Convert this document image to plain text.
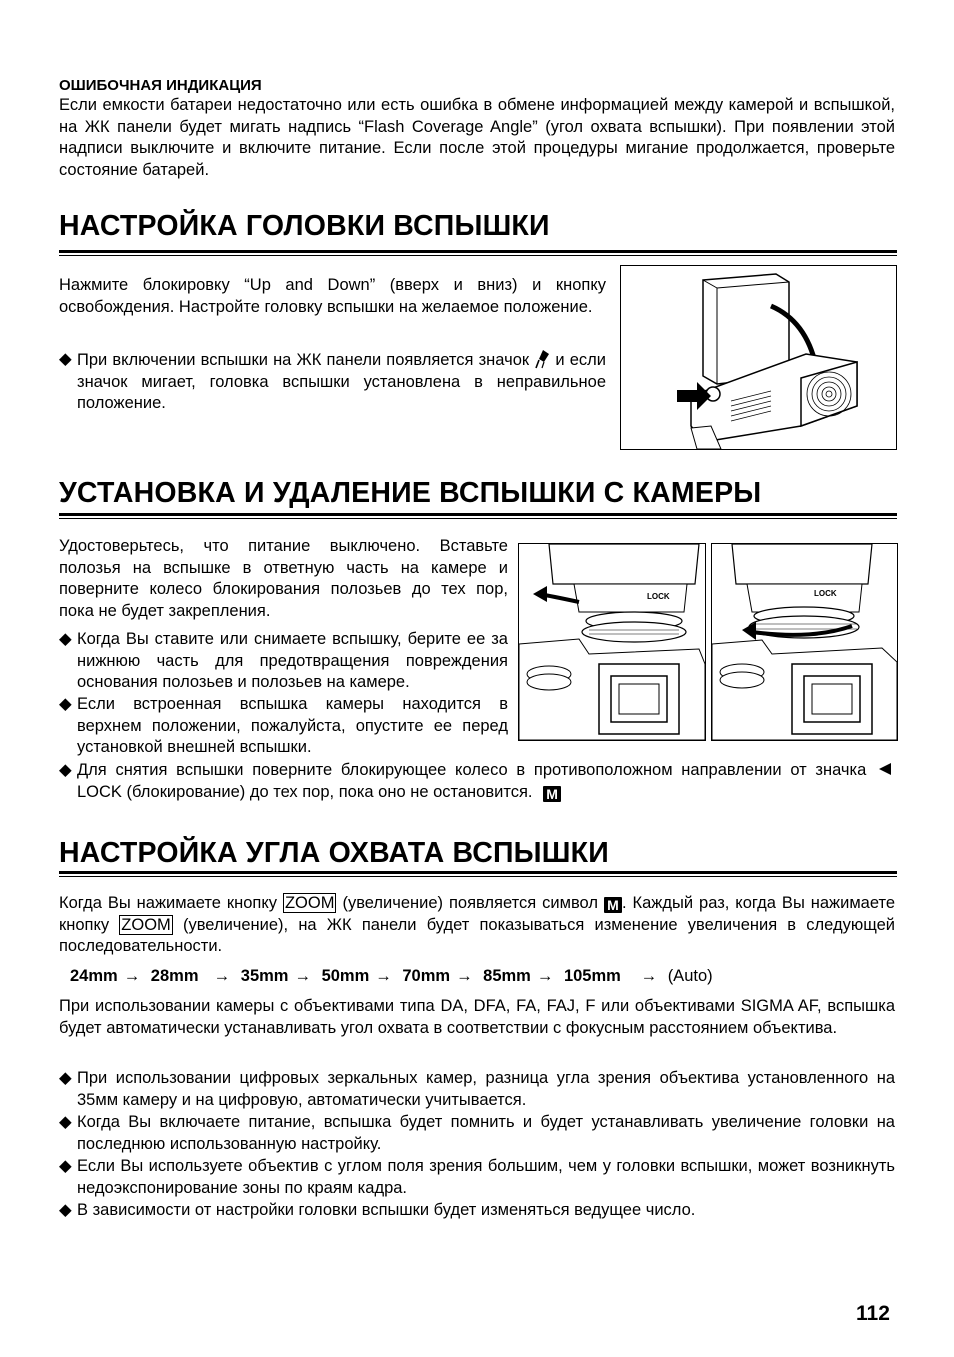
ОШИБОЧНАЯ ИНДИКАЦИЯ
Если емкости батареи недостаточно или есть ошибка в обмене информацией между камерой и вспышкой, на ЖК панели будет мигать надпись “Flash Coverage Angle” (угол охвата вспышки). При появлении этой надписи выключите и включите питание. Если после этой процедуры мигание продолжается, проверьте состояние батарей.
НАСТРОЙКА ГОЛОВКИ ВСПЫШКИ
Нажмите блокировку “Up and Down” (вверх и вниз) и кнопку освобождения. Настройте головку вспышки на желаемое положение.
◆ При включении вспышки на ЖК панели появляется значок и если значок мигает, головка вспышки установлена в неправильное положение.
УСТАНОВКА И УДАЛЕНИЕ ВСПЫШКИ С КАМЕРЫ
Удостоверьтесь, что питание выключено. Вставьте полозья на вспышке в ответную часть на камере и поверните колесо блокирования полозьев до тех пор, пока не будет закрепления.
◆ Когда Вы ставите или снимаете вспышку, берите ее за нижнюю часть для предотвращения повреждения основания полозьев и полозьев на камере.
◆ Если встроенная вспышка камеры находится в верхнем положении, пожалуйста, опустите ее перед установкой внешней вспышки.
◆ Для снятия вспышки поверните блокирующее колесо в противоположном направлении от значка  LOCK (блокирование) до тех пор, пока оно не остановится. M
LOCK	LOCK
НАСТРОЙКА УГЛА ОХВАТА ВСПЫШКИ
Когда Вы нажимаете кнопку ZOOM (увеличение) появляется символ M . Каждый раз, когда Вы нажимаете кнопку ZOOM (увеличение), на ЖК панели будет показываться изменение увеличения в следующей последовательности.
24mm → 28mm → 35mm → 50mm → 70mm → 85mm → 105mm → (Auto)
При использовании камеры с объективами типа DA, DFA, FA, FAJ, F или объективами SIGMA AF, вспышка будет автоматически устанавливать угол охвата в соответствии с фокусным расстоянием объектива.
◆ При использовании цифровых зеркальных камер, разница угла зрения объектива установленного на 35мм камеру и на цифровую, автоматически учитывается.
◆ Когда Вы включаете питание, вспышка будет помнить и будет устанавливать увеличение головки на последнюю использованную настройку.
◆ Если Вы используете объектив с углом поля зрения большим, чем у головки вспышки, может возникнуть недоэкспонирование зоны по краям кадра.
◆ В зависимости от настройки головки вспышки будет изменяться ведущее число.
112
